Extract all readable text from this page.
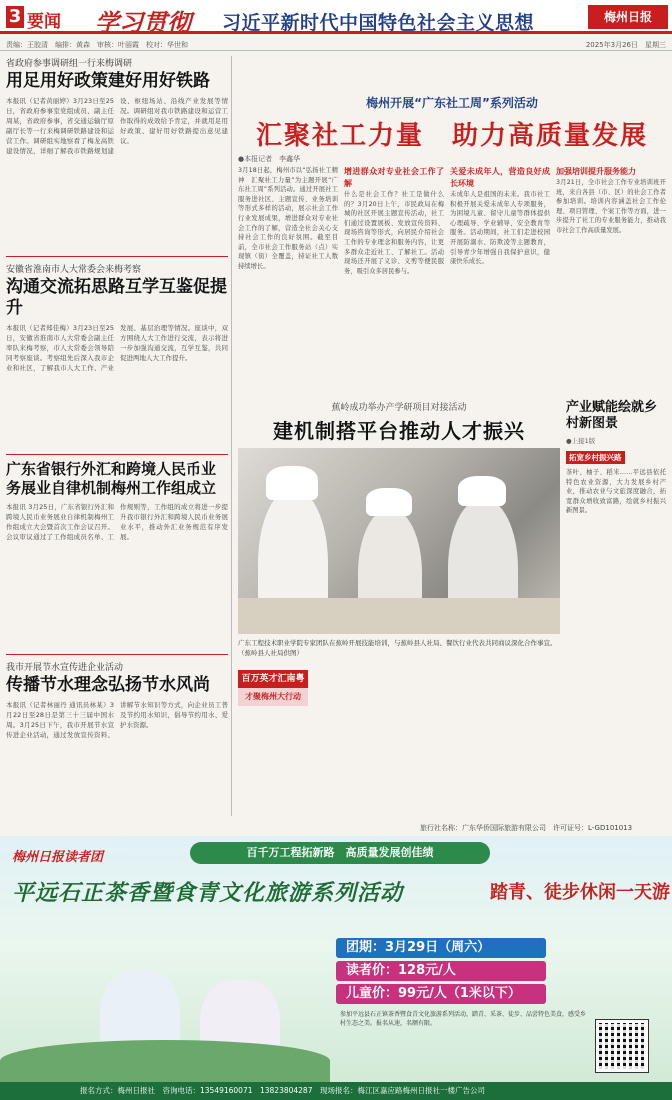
3 要闻 学习贯彻 习近平新时代中国特色社会主义思想	梅州日报
责编：王胶清　编排：黄森　审核：叶丽霞　校对：华世和	2025年3月26日　星期三
省政府参事调研组一行来梅调研
用足用好政策建好用好铁路
本报讯（记者黄丽婷）3月23日至25日，省政府参事室党组成员、副主任周某，省政府参事，省交通运输厅原副厅长等一行来梅调研铁路建设和运营工作。调研组实地察看了梅龙高铁建设情况，详细了解我市铁路规划建设、枢纽场站、沿线产业发展等情况。调研组对我市铁路建设和运营工作取得的成效给予肯定，并就用足用好政策、建好用好铁路提出意见建议。
安徽省淮南市人大常委会来梅考察
沟通交流拓思路互学互鉴促提升
本报讯（记者郑佳梅）3月23日至25日，安徽省淮南市人大常委会副主任率队来梅考察，市人大常委会领导陪同考察座谈。考察组先后深入我市企业和社区，了解我市人大工作、产业发展、基层治理等情况。座谈中，双方围绕人大工作进行交流，表示将进一步加强沟通交流，互学互鉴，共同促进两地人大工作提升。
广东省银行外汇和跨境人民币业务展业自律机制梅州工作组成立
本报讯 3月25日，广东省银行外汇和跨境人民币业务展业自律机制梅州工作组成立大会暨首次工作会议召开。会议审议通过了工作组成员名单、工作规则等，工作组的成立将进一步提升我市银行外汇和跨境人民币业务展业水平，推动外汇业务规范有序发展。
我市开展节水宣传进企业活动
传播节水理念弘扬节水风尚
本报讯（记者林丽丹 通讯员林某）3月22日至28日是第三十三届中国水周。3月25日下午，我市开展节水宣传进企业活动，通过发放宣传资料、讲解节水知识等方式，向企业员工普及节约用水知识，倡导节约用水、爱护水资源。
梅州开展“广东社工周”系列活动
汇聚社工力量　助力高质量发展
●本报记者　李鑫华
3月18日起，梅州市以“弘扬社工精神　汇聚社工力量”为主题开展“广东社工周”系列活动。通过开展社工服务进社区、主题宣传、业务培训等形式多样的活动，展示社会工作行业发展成果，增进群众对专业社会工作的了解，营造全社会关心支持社会工作的良好氛围。截至目前，全市社会工作服务站（点）实现镇（街）全覆盖，持证社工人数持续增长。
增进群众对专业社会工作了解
什么是社会工作？社工是做什么的？3月20日上午，市民政局在梅城的社区开展主题宣传活动，社工们通过设置展板、发放宣传资料、现场咨询等形式，向居民介绍社会工作的专业理念和服务内容，让更多群众走近社工、了解社工。活动现场还开展了义诊、义剪等便民服务，吸引众多居民参与。
关爱未成年人，营造良好成长环境
未成年人是祖国的未来。我市社工积极开展关爱未成年人专项服务，为困境儿童、留守儿童等群体提供心理疏导、学业辅导、安全教育等服务。活动期间，社工们走进校园开展防溺水、防欺凌等主题教育，引导青少年增强自我保护意识，健康快乐成长。
加强培训提升服务能力
3月21日，全市社会工作专业培训班开班，来自各县（市、区）的社会工作者参加培训。培训内容涵盖社会工作伦理、项目管理、个案工作等方面，进一步提升了社工的专业服务能力，推动我市社会工作高质量发展。
蕉岭成功举办产学研项目对接活动
建机制搭平台推动人才振兴
广东工程技术职业学院专家团队在蕉岭开展技能培训，与蕉岭县人社局、餐饮行业代表共同商议深化合作事宜。（蕉岭县人社局供图）
百万英才汇南粤
才聚梅州大行动
产业赋能绘就乡村新图景
●上接1版
拓宽乡村振兴路
茶叶、柚子、稻米……平远县依托特色农业资源，大力发展乡村产业，推动农业与文旅深度融合，拓宽群众增收致富路，绘就乡村振兴新图景。
旅行社名称：广东华侨国际旅游有限公司　许可证号：L-GD101013
梅州日报读者团	百千万工程拓新路　高质量发展创佳绩
平远石正茶香暨食青文化旅游系列活动	踏青、徒步休闲一天游
团期：3月29日（周六）
读者价：128元/人
儿童价：99元/人（1米以下）
参加平远县石正镇茶香暨食青文化旅游系列活动，踏青、采茶、徒步、品尝特色美食，感受乡村生态之美。报名从速，名额有限。
报名方式：梅州日报社　咨询电话：13549160071　13823804287　现场报名：梅江区嘉应路梅州日报社一楼广告公司
